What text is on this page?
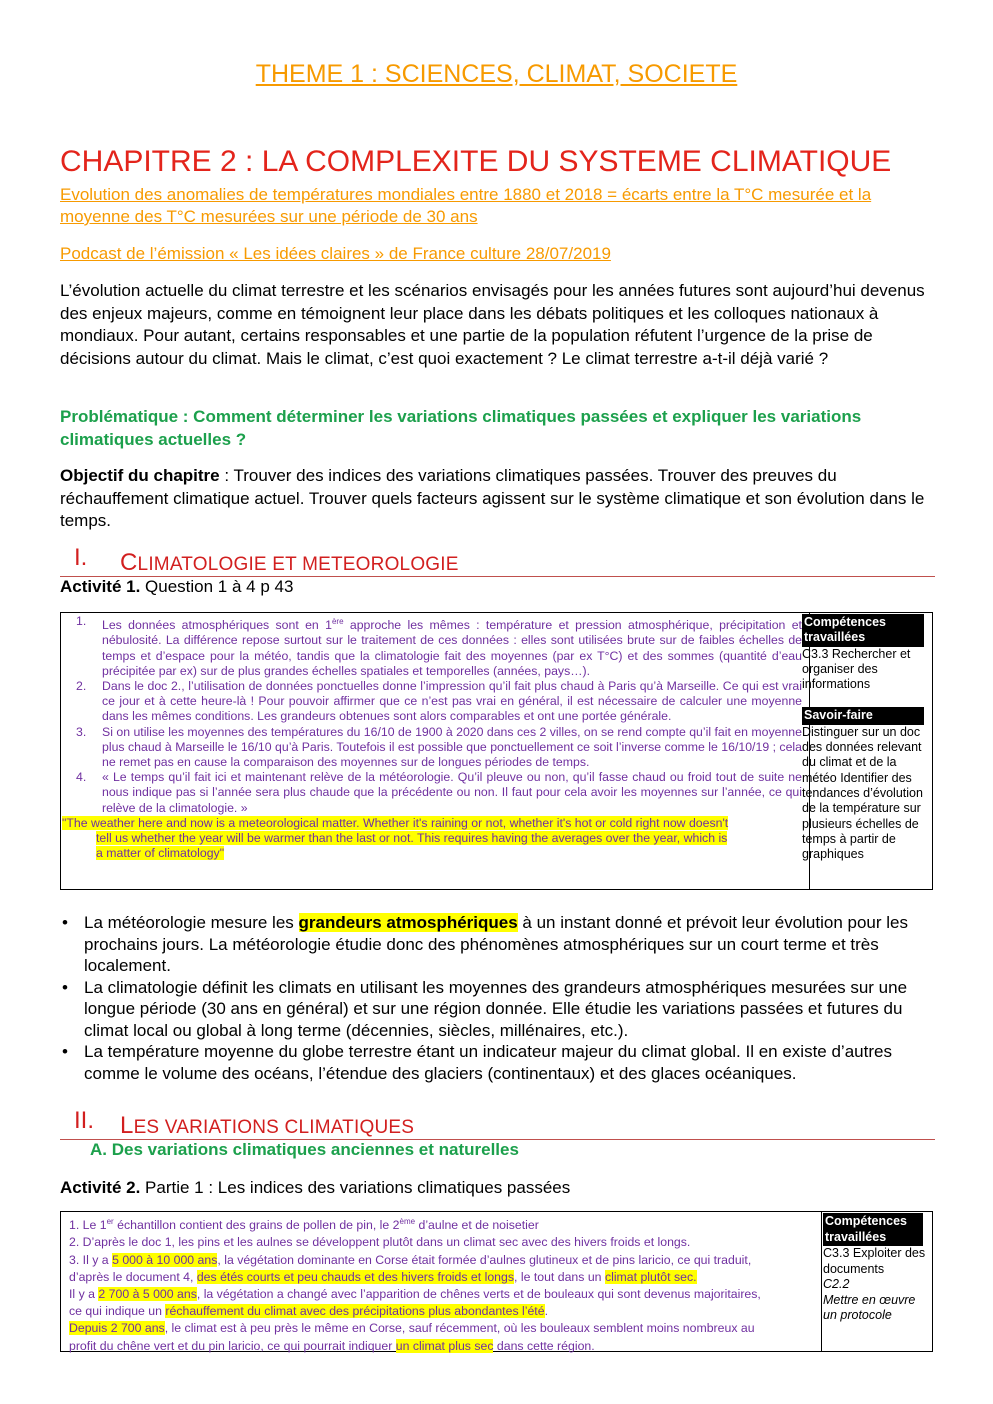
THEME 1 : SCIENCES, CLIMAT, SOCIETE
CHAPITRE 2 : LA COMPLEXITE DU SYSTEME CLIMATIQUE
Evolution des anomalies de températures mondiales entre 1880 et 2018 = écarts entre la T°C mesurée et la moyenne des T°C mesurées sur une période de 30 ans
Podcast de l’émission « Les idées claires » de France culture 28/07/2019
L’évolution actuelle du climat terrestre et les scénarios envisagés pour les années futures sont aujourd’hui devenus des enjeux majeurs, comme en témoignent leur place dans les débats politiques et les colloques nationaux à mondiaux. Pour autant, certains responsables et une partie de la population réfutent l’urgence de la prise de décisions autour du climat. Mais le climat, c’est quoi exactement ? Le climat terrestre a-t-il déjà varié ?
Problématique : Comment déterminer les variations climatiques passées et expliquer les variations climatiques actuelles ?
Objectif du chapitre : Trouver des indices des variations climatiques passées. Trouver des preuves du réchauffement climatique actuel. Trouver quels facteurs agissent sur le système climatique et son évolution dans le temps.
I. CLIMATOLOGIE ET METEOROLOGIE
Activité 1. Question 1 à 4 p 43
1. Les données atmosphériques sont en 1ère approche les mêmes : température et pression atmosphérique, précipitation et nébulosité. La différence repose surtout sur le traitement de ces données : elles sont utilisées brute sur de faibles échelles de temps et d’espace pour la météo, tandis que la climatologie fait des moyennes (par ex T°C) et des sommes (quantité d’eau précipitée par ex) sur de plus grandes échelles spatiales et temporelles (années, pays…).
2. Dans le doc 2., l’utilisation de données ponctuelles donne l’impression qu’il fait plus chaud à Paris qu’à Marseille. Ce qui est vrai ce jour et à cette heure-là ! Pour pouvoir affirmer que ce n’est pas vrai en général, il est nécessaire de calculer une moyenne dans les mêmes conditions. Les grandeurs obtenues sont alors comparables et ont une portée générale.
3. Si on utilise les moyennes des températures du 16/10 de 1900 à 2020 dans ces 2 villes, on se rend compte qu’il fait en moyenne plus chaud à Marseille le 16/10 qu’à Paris. Toutefois il est possible que ponctuellement ce soit l’inverse comme le 16/10/19 ; cela ne remet pas en cause la comparaison des moyennes sur de longues périodes de temps.
4. « Le temps qu’il fait ici et maintenant relève de la météorologie. Qu’il pleuve ou non, qu’il fasse chaud ou froid tout de suite ne nous indique pas si l’année sera plus chaude que la précédente ou non. Il faut pour cela avoir les moyennes sur l’année, ce qui relève de la climatologie. »
"The weather here and now is a meteorological matter. Whether it's raining or not, whether it's hot or cold right now doesn't
tell us whether the year will be warmer than the last or not. This requires having the averages over the year, which is
a matter of climatology"
Compétences travaillées
C3.3 Rechercher et organiser des informations
Savoir-faire
Distinguer sur un doc des données relevant du climat et de la météo Identifier des tendances d’évolution de la température sur plusieurs échelles de temps à partir de graphiques
• La météorologie mesure les grandeurs atmosphériques à un instant donné et prévoit leur évolution pour les prochains jours. La météorologie étudie donc des phénomènes atmosphériques sur un court terme et très localement.
• La climatologie définit les climats en utilisant les moyennes des grandeurs atmosphériques mesurées sur une longue période (30 ans en général) et sur une région donnée. Elle étudie les variations passées et futures du climat local ou global à long terme (décennies, siècles, millénaires, etc.).
• La température moyenne du globe terrestre étant un indicateur majeur du climat global. Il en existe d’autres comme le volume des océans, l’étendue des glaciers (continentaux) et des glaces océaniques.
II. LES VARIATIONS CLIMATIQUES
A. Des variations climatiques anciennes et naturelles
Activité 2. Partie 1 : Les indices des variations climatiques passées
1. Le 1er échantillon contient des grains de pollen de pin, le 2ème d’aulne et de noisetier
2. D’après le doc 1, les pins et les aulnes se développent plutôt dans un climat sec avec des hivers froids et longs.
3. Il y a 5 000 à 10 000 ans, la végétation dominante en Corse était formée d’aulnes glutineux et de pins laricio, ce qui traduit,
d’après le document 4, des étés courts et peu chauds et des hivers froids et longs, le tout dans un climat plutôt sec.
Il y a 2 700 à 5 000 ans, la végétation a changé avec l’apparition de chênes verts et de bouleaux qui sont devenus majoritaires,
ce qui indique un réchauffement du climat avec des précipitations plus abondantes l’été.
Depuis 2 700 ans, le climat est à peu près le même en Corse, sauf récemment, où les bouleaux semblent moins nombreux au
profit du chêne vert et du pin laricio, ce qui pourrait indiquer un climat plus sec dans cette région.
Compétences travaillées
C3.3 Exploiter des documents
C2.2
Mettre en œuvre un protocole
